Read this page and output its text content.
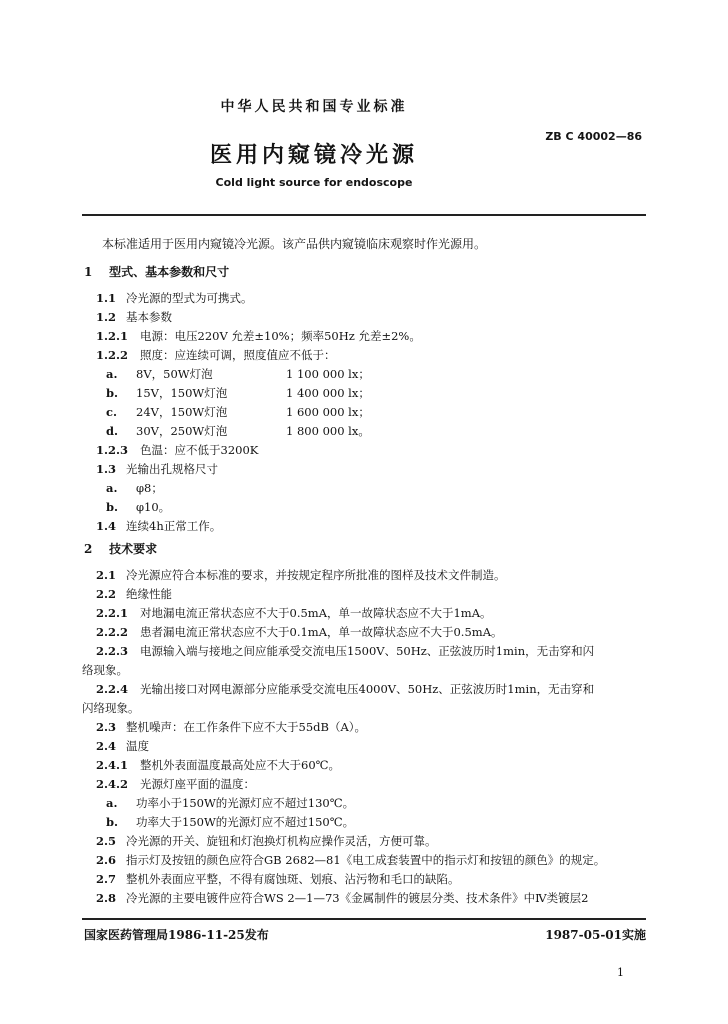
中华人民共和国专业标准
ZB C 40002—86
医用内窥镜冷光源
Cold light source for endoscope
本标准适用于医用内窥镜冷光源。该产品供内窥镜临床观察时作光源用。
1 型式、基本参数和尺寸
1.1 冷光源的型式为可携式。
1.2 基本参数
1.2.1 电源：电压220V 允差±10%；频率50Hz 允差±2%。
1.2.2 照度：应连续可调，照度值应不低于：
a. 8V，50W灯泡	1 100 000 lx；
b. 15V，150W灯泡	1 400 000 lx；
c. 24V，150W灯泡	1 600 000 lx；
d. 30V，250W灯泡	1 800 000 lx。
1.2.3 色温：应不低于3200K
1.3 光输出孔规格尺寸
a. φ8；
b. φ10。
1.4 连续4h正常工作。
2 技术要求
2.1 冷光源应符合本标准的要求，并按规定程序所批准的图样及技术文件制造。
2.2 绝缘性能
2.2.1 对地漏电流正常状态应不大于0.5mA，单一故障状态应不大于1mA。
2.2.2 患者漏电流正常状态应不大于0.1mA，单一故障状态应不大于0.5mA。
2.2.3 电源输入端与接地之间应能承受交流电压1500V、50Hz、正弦波历时1min，无击穿和闪
络现象。
2.2.4 光输出接口对网电源部分应能承受交流电压4000V、50Hz、正弦波历时1min，无击穿和
闪络现象。
2.3 整机噪声：在工作条件下应不大于55dB（A）。
2.4 温度
2.4.1 整机外表面温度最高处应不大于60℃。
2.4.2 光源灯座平面的温度：
a. 功率小于150W的光源灯应不超过130℃。
b. 功率大于150W的光源灯应不超过150℃。
2.5 冷光源的开关、旋钮和灯泡换灯机构应操作灵活，方便可靠。
2.6 指示灯及按钮的颜色应符合GB 2682—81《电工成套装置中的指示灯和按钮的颜色》的规定。
2.7 整机外表面应平整，不得有腐蚀斑、划痕、沾污物和毛口的缺陷。
2.8 冷光源的主要电镀件应符合WS 2—1—73《金属制件的镀层分类、技术条件》中Ⅳ类镀层2
国家医药管理局1986-11-25发布	1987-05-01实施
1
